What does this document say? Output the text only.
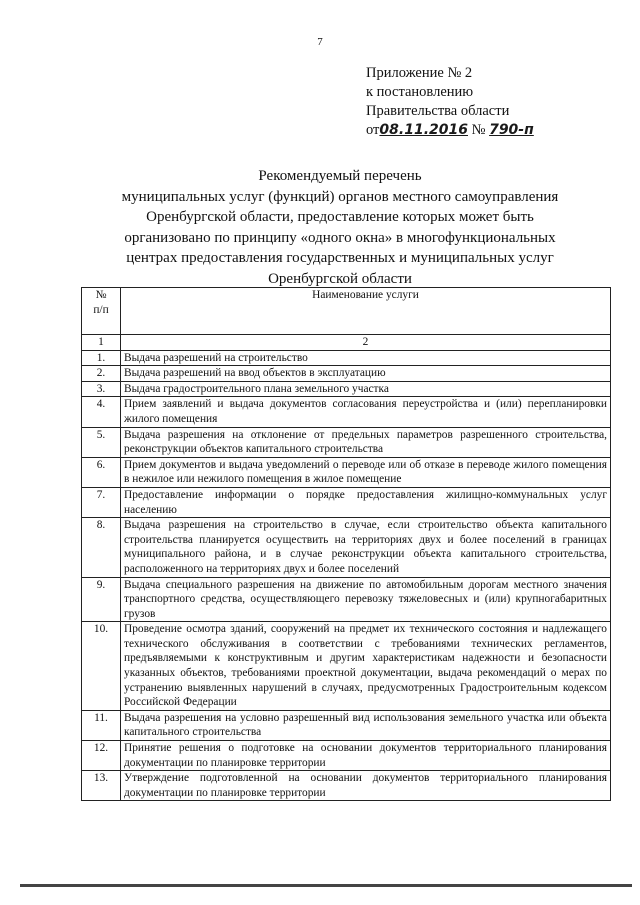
7
Приложение № 2
к постановлению
Правительства области
от08.11.2016 № 790-п
Рекомендуемый перечень
муниципальных услуг (функций) органов местного самоуправления
Оренбургской области, предоставление которых может быть
организовано по принципу «одного окна» в многофункциональных
центрах предоставления государственных и муниципальных услуг
Оренбургской области
№
п/п	Наименование услуги
1	2
1.	Выдача разрешений на строительство
2.	Выдача разрешений на ввод объектов в эксплуатацию
3.	Выдача градостроительного плана земельного участка
4.	Прием заявлений и выдача документов согласования переустройства и (или) перепланировки жилого помещения
5.	Выдача разрешения на отклонение от предельных параметров разрешенного строительства, реконструкции объектов капитального строительства
6.	Прием документов и выдача уведомлений о переводе или об отказе в переводе жилого помещения в нежилое или нежилого помещения в жилое помещение
7.	Предоставление информации о порядке предоставления жилищно-коммунальных услуг населению
8.	Выдача разрешения на строительство в случае, если строительство объекта капитального строительства планируется осуществить на территориях двух и более поселений в границах муниципального района, и в случае реконструкции объекта капитального строительства, расположенного на территориях двух и более поселений
9.	Выдача специального разрешения на движение по автомобильным дорогам местного значения транспортного средства, осуществляющего перевозку тяжеловесных и (или) крупногабаритных грузов
10.	Проведение осмотра зданий, сооружений на предмет их технического состояния и надлежащего технического обслуживания в соответствии с требованиями технических регламентов, предъявляемыми к конструктивным и другим характеристикам надежности и безопасности указанных объектов, требованиями проектной документации, выдача рекомендаций о мерах по устранению выявленных нарушений в случаях, предусмотренных Градостроительным кодексом Российской Федерации
11.	Выдача разрешения на условно разрешенный вид использования земельного участка или объекта капитального строительства
12.	Принятие решения о подготовке на основании документов территориального планирования документации по планировке территории
13.	Утверждение подготовленной на основании документов территориального планирования документации по планировке территории
